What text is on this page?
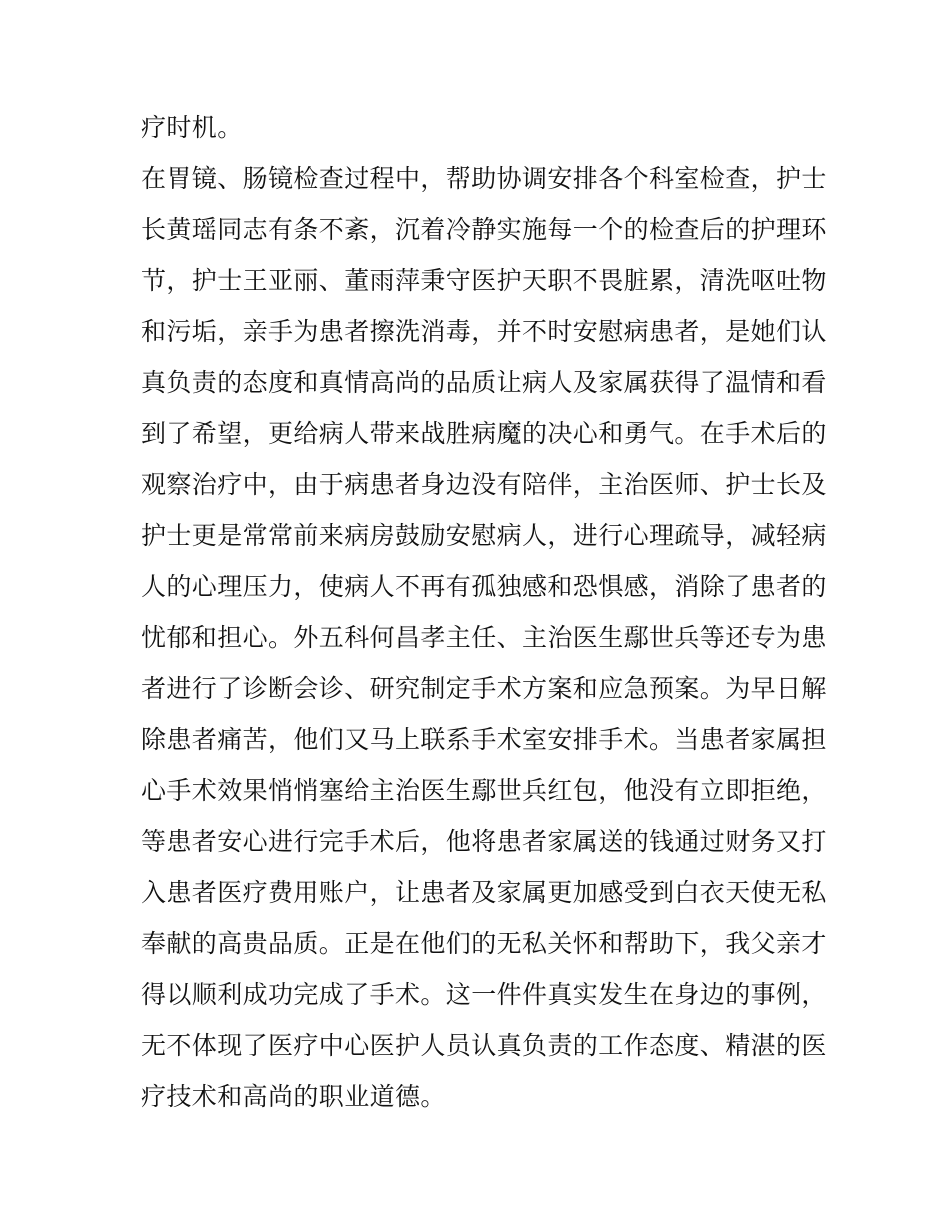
疗时机。
在胃镜、肠镜检查过程中，帮助协调安排各个科室检查，护士
长黄瑶同志有条不紊，沉着冷静实施每一个的检查后的护理环
节，护士王亚丽、董雨萍秉守医护天职不畏脏累，清洗呕吐物
和污垢，亲手为患者擦洗消毒，并不时安慰病患者，是她们认
真负责的态度和真情高尚的品质让病人及家属获得了温情和看
到了希望，更给病人带来战胜病魔的决心和勇气。在手术后的
观察治疗中，由于病患者身边没有陪伴，主治医师、护士长及
护士更是常常前来病房鼓励安慰病人，进行心理疏导，减轻病
人的心理压力，使病人不再有孤独感和恐惧感，消除了患者的
忧郁和担心。外五科何昌孝主任、主治医生鄢世兵等还专为患
者进行了诊断会诊、研究制定手术方案和应急预案。为早日解
除患者痛苦，他们又马上联系手术室安排手术。当患者家属担
心手术效果悄悄塞给主治医生鄢世兵红包，他没有立即拒绝，
等患者安心进行完手术后，他将患者家属送的钱通过财务又打
入患者医疗费用账户，让患者及家属更加感受到白衣天使无私
奉献的高贵品质。正是在他们的无私关怀和帮助下，我父亲才
得以顺利成功完成了手术。这一件件真实发生在身边的事例，
无不体现了医疗中心医护人员认真负责的工作态度、精湛的医
疗技术和高尚的职业道德。
